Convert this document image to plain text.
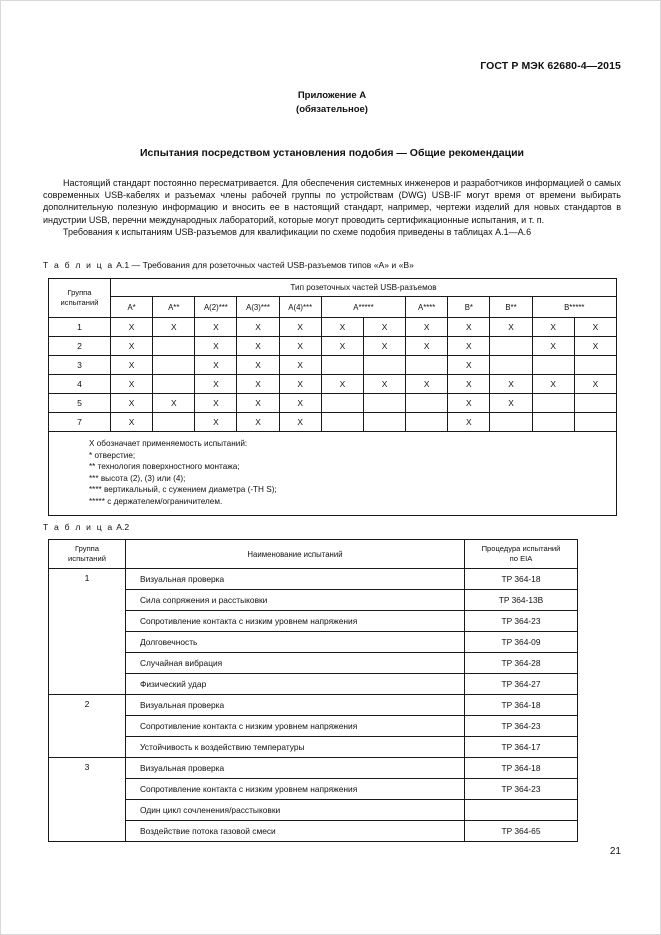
ГОСТ Р МЭК 62680-4—2015
Приложение А
(обязательное)
Испытания посредством установления подобия — Общие рекомендации

Настоящий стандарт постоянно пересматривается. Для обеспечения системных инженеров и разработчиков информацией о самых современных USB-кабелях и разъемах члены рабочей группы по устройствам (DWG) USB-IF могут время от времени выбирать дополнительную полезную информацию и вносить ее в настоящий стандарт, например, чертежи изделий для новых стандартов в индустрии USB, перечни международных лабораторий, которые могут проводить сертификационные испытания, и т. п.

Требования к испытаниям USB-разъемов для квалификации по схеме подобия приведены в таблицах А.1—А.6

Т а б л и ц а А.1 — Требования для розеточных частей USB-разъемов типов «А» и «В»
Группа
испытаний	Тип розеточных частей USB-разъемов											
	А*	А**	А(2)***	А(3)***	А(4)***	А*****		А****	В*	В**	В*****	
1	X	X	X	X	X	X	X	X	X	X	X	X
2	X		X	X	X	X	X	X	X		X	X
3	X		X	X	X				X			
4	X		X	X	X	X	X	X	X	X	X	X
5	X	X	X	X	X				X	X		
7	X		X	X	X				X			

X обозначает применяемость испытаний:
* отверстие;
** технология поверхностного монтажа;
*** высота (2), (3) или (4);
**** вертикальный, с сужением диаметра (-TH S);
***** с держателем/ограничителем.
Т а б л и ц а А.2
Группа
испытаний	Наименование испытаний	
Процедура испытаний
по EIA

1	Визуальная проверка	TP 364-18
	Сила сопряжения и расстыковки	TP 364-13B
	Сопротивление контакта с низким уровнем напряжения	TP 364-23
	Долговечность	TP 364-09
	Случайная вибрация	TP 364-28
	Физический удар	TP 364-27
2	Визуальная проверка	TP 364-18
	Сопротивление контакта с низким уровнем напряжения	TP 364-23
	Устойчивость к воздействию температуры	TP 364-17
3	Визуальная проверка	TP 364-18
	Сопротивление контакта с низким уровнем напряжения	TP 364-23
	Один цикл сочленения/расстыковки	
	Воздействие потока газовой смеси	TP 364-65
21
